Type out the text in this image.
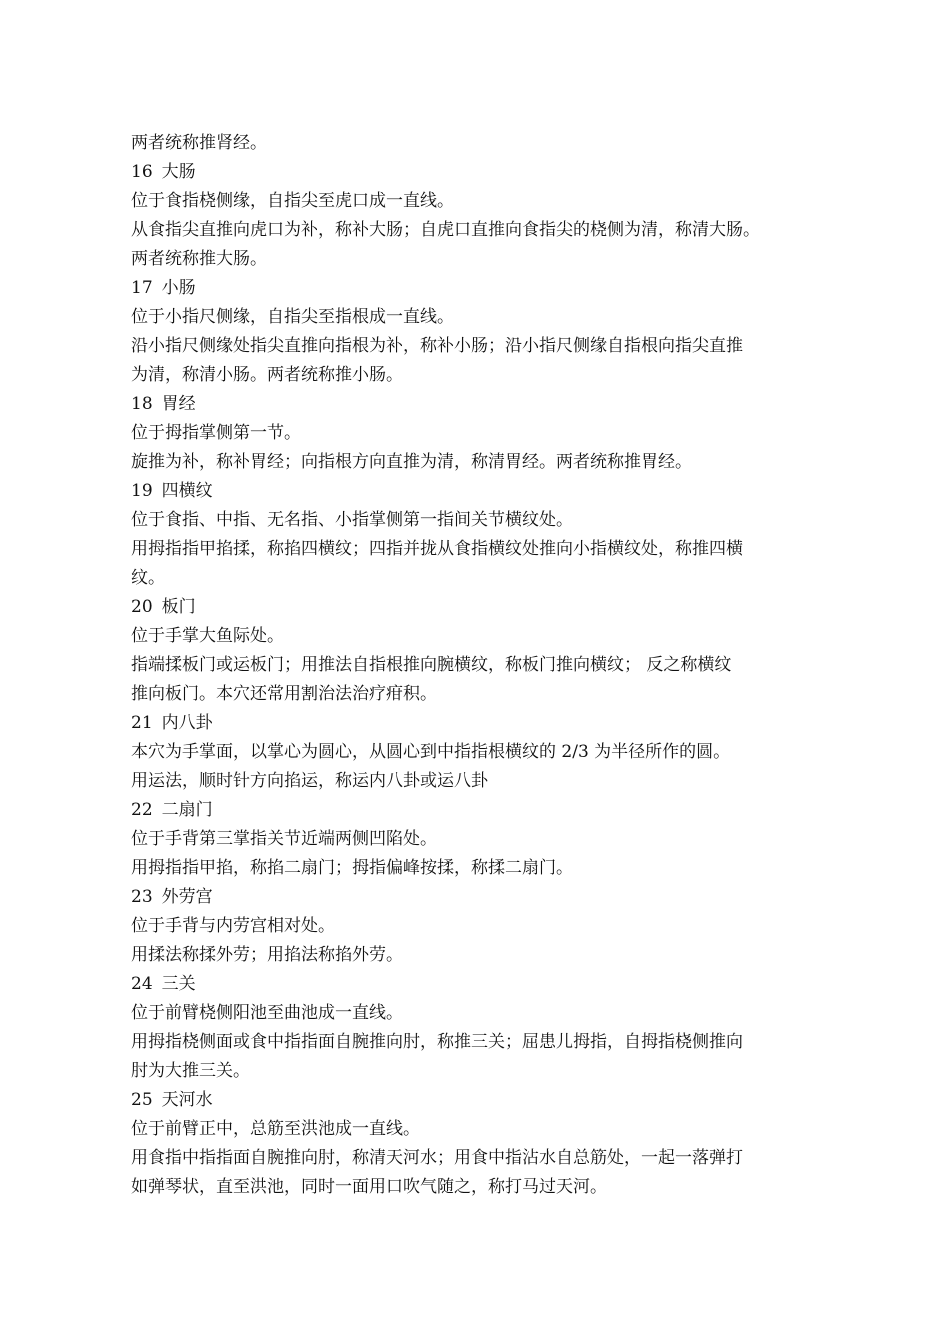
两者统称推肾经。
16 大肠
位于食指桡侧缘，自指尖至虎口成一直线。
从食指尖直推向虎口为补，称补大肠；自虎口直推向食指尖的桡侧为清，称清大肠。
两者统称推大肠。
17 小肠
位于小指尺侧缘，自指尖至指根成一直线。
沿小指尺侧缘处指尖直推向指根为补，称补小肠；沿小指尺侧缘自指根向指尖直推
为清，称清小肠。两者统称推小肠。
18 胃经
位于拇指掌侧第一节。
旋推为补，称补胃经；向指根方向直推为清，称清胃经。两者统称推胃经。
19 四横纹
位于食指、中指、无名指、小指掌侧第一指间关节横纹处。
用拇指指甲掐揉，称掐四横纹；四指并拢从食指横纹处推向小指横纹处，称推四横
纹。
20 板门
位于手掌大鱼际处。
指端揉板门或运板门；用推法自指根推向腕横纹，称板门推向横纹； 反之称横纹
推向板门。本穴还常用割治法治疗疳积。
21 内八卦
本穴为手掌面，以掌心为圆心，从圆心到中指指根横纹的 2/3 为半径所作的圆。
用运法，顺时针方向掐运，称运内八卦或运八卦
22 二扇门
位于手背第三掌指关节近端两侧凹陷处。
用拇指指甲掐，称掐二扇门；拇指偏峰按揉，称揉二扇门。
23 外劳宫
位于手背与内劳宫相对处。
用揉法称揉外劳；用掐法称掐外劳。
24 三关
位于前臂桡侧阳池至曲池成一直线。
用拇指桡侧面或食中指指面自腕推向肘，称推三关；屈患儿拇指，自拇指桡侧推向
肘为大推三关。
25 天河水
位于前臂正中，总筋至洪池成一直线。
用食指中指指面自腕推向肘，称清天河水；用食中指沾水自总筋处，一起一落弹打
如弹琴状，直至洪池，同时一面用口吹气随之，称打马过天河。
